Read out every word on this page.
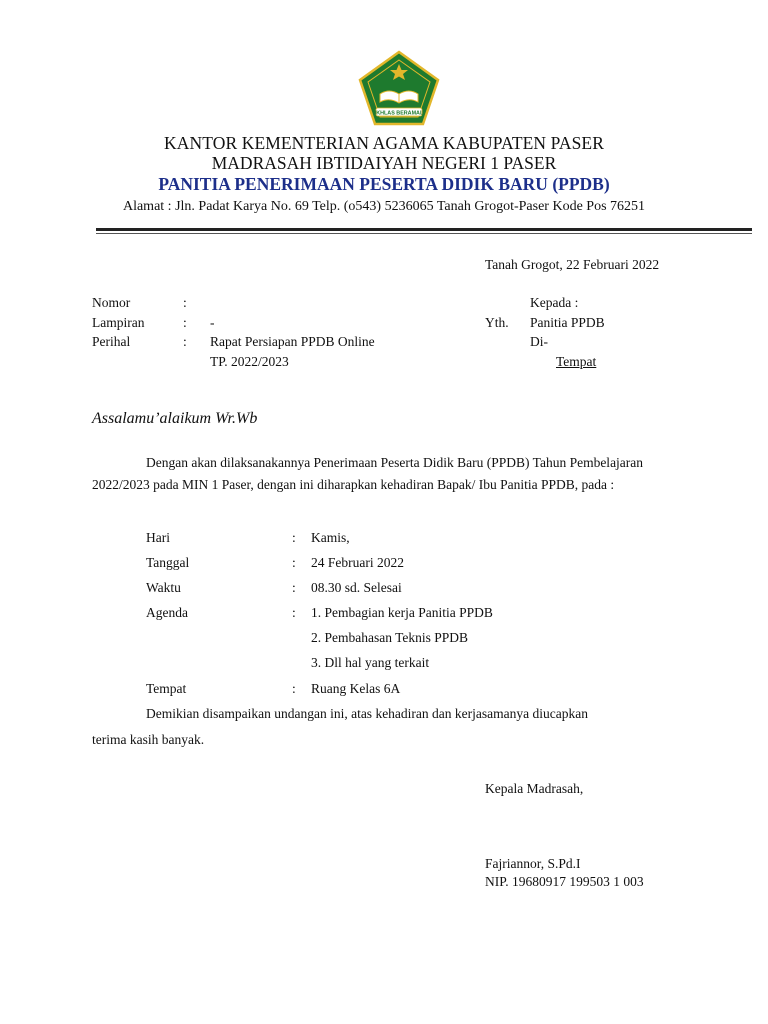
IKHLAS BERAMAL
KANTOR KEMENTERIAN AGAMA KABUPATEN PASER
MADRASAH IBTIDAIYAH NEGERI 1 PASER
PANITIA PENERIMAAN PESERTA DIDIK BARU (PPDB)
Alamat : Jln. Padat Karya No. 69 Telp. (o543) 5236065 Tanah Grogot-Paser Kode Pos 76251
Tanah Grogot, 22 Februari 2022
Nomor	:
Lampiran	: -
Perihal	: Rapat Persiapan PPDB Online
TP. 2022/2023
Kepada :
Yth. Panitia PPDB
Di-
Tempat
Assalamu’alaikum Wr.Wb
Dengan akan dilaksanakannya Penerimaan Peserta Didik Baru (PPDB) Tahun Pembelajaran 2022/2023 pada MIN 1 Paser, dengan ini diharapkan kehadiran Bapak/ Ibu Panitia PPDB, pada :
Hari	: Kamis,
Tanggal	: 24 Februari 2022
Waktu	: 08.30 sd. Selesai
Agenda	: 1. Pembagian kerja Panitia PPDB
2. Pembahasan Teknis PPDB
3. Dll hal yang terkait
Tempat	: Ruang Kelas 6A
Demikian disampaikan undangan ini, atas kehadiran dan kerjasamanya diucapkan
terima kasih banyak.
Kepala Madrasah,
Fajriannor, S.Pd.I
NIP. 19680917 199503 1 003
